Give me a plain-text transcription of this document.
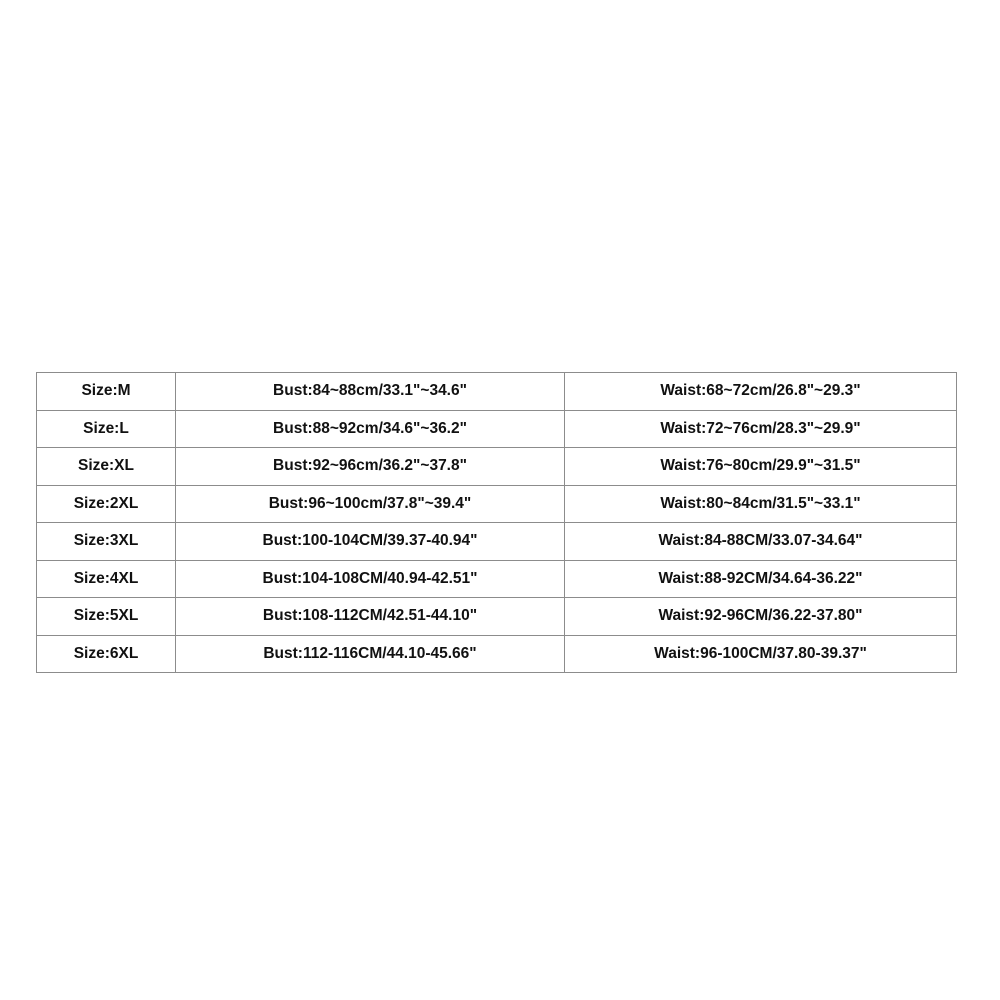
Size:M	Bust:84~88cm/33.1"~34.6"	Waist:68~72cm/26.8"~29.3"
Size:L	Bust:88~92cm/34.6"~36.2"	Waist:72~76cm/28.3"~29.9"
Size:XL	Bust:92~96cm/36.2"~37.8"	Waist:76~80cm/29.9"~31.5"
Size:2XL	Bust:96~100cm/37.8"~39.4"	Waist:80~84cm/31.5"~33.1"
Size:3XL	Bust:100-104CM/39.37-40.94"	Waist:84-88CM/33.07-34.64"
Size:4XL	Bust:104-108CM/40.94-42.51"	Waist:88-92CM/34.64-36.22"
Size:5XL	Bust:108-112CM/42.51-44.10"	Waist:92-96CM/36.22-37.80"
Size:6XL	Bust:112-116CM/44.10-45.66"	Waist:96-100CM/37.80-39.37"
